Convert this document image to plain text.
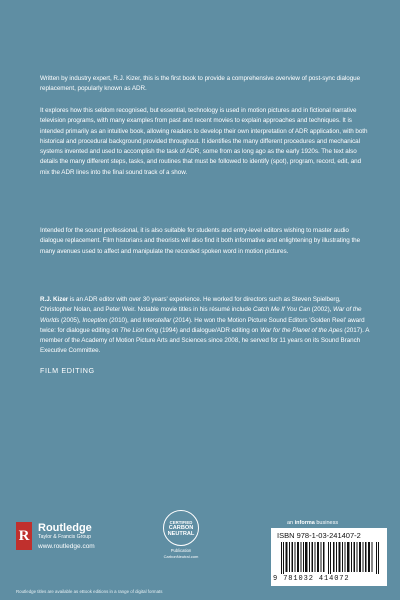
Written by industry expert, R.J. Kizer, this is the first book to provide a comprehensive overview of post-sync dialogue replacement, popularly known as ADR.
It explores how this seldom recognised, but essential, technology is used in motion pictures and in fictional narrative television programs, with many examples from past and recent movies to explain approaches and techniques. It is intended primarily as an intuitive book, allowing readers to develop their own interpretation of ADR application, with both historical and procedural background provided throughout. It identifies the many different procedures and mechanical systems invented and used to accomplish the task of ADR, some from as long ago as the early 1920s. The text also details the many different steps, tasks, and routines that must be followed to identify (spot), program, record, edit, and mix the ADR lines into the final sound track of a show.
Intended for the sound professional, it is also suitable for students and entry-level editors wishing to master audio dialogue replacement. Film historians and theorists will also find it both informative and enlightening by illustrating the many avenues used to affect and manipulate the recorded spoken word in motion pictures.
R.J. Kizer is an ADR editor with over 30 years' experience. He worked for directors such as Steven Spielberg, Christopher Nolan, and Peter Weir. Notable movie titles in his résumé include Catch Me If You Can (2002), War of the Worlds (2005), Inception (2010), and Interstellar (2014). He won the Motion Picture Sound Editors 'Golden Reel' award twice: for dialogue editing on The Lion King (1994) and dialogue/ADR editing on War for the Planet of the Apes (2017). A member of the Academy of Motion Picture Arts and Sciences since 2008, he served for 11 years on its Sound Branch Executive Committee.
FILM EDITING
R Routledge
Taylor & Francis Group
www.routledge.com
CERTIFIED
CARBON
NEUTRAL
Publication
CarbonNeutral.com
an informa business
ISBN 978-1-03-241407-2
9 781032 414072
Routledge titles are available as eBook editions in a range of digital formats
